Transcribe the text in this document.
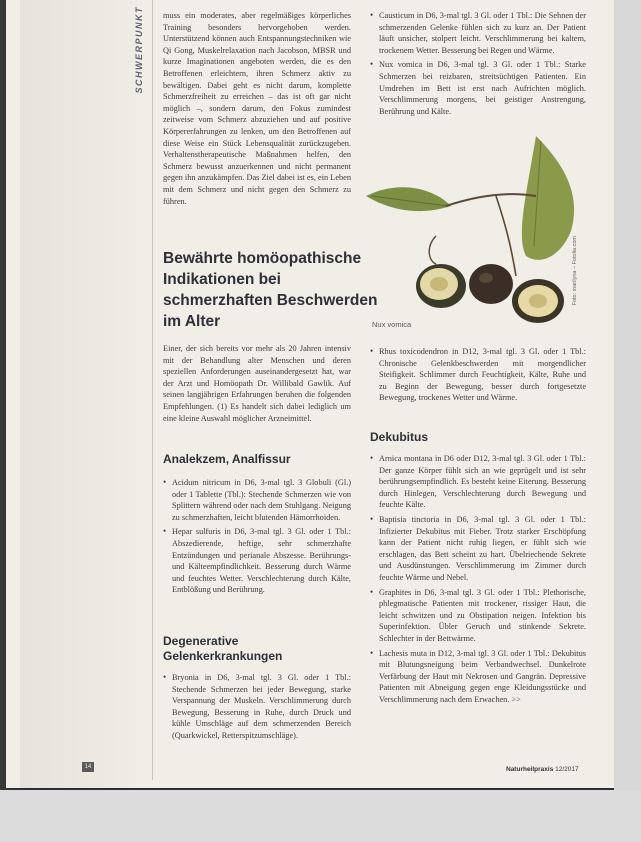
SCHWERPUNKT	muss ein moderates, aber regelmäßiges körperliches Training besonders hervorgehoben werden. Unterstützend können auch Entspannungstechniken wie Qi Gong, Muskelrelaxation nach Jacobson, MBSR und kurze Imaginationen angeboten werden, die es den Betroffenen erleichtern, ihren Schmerz aktiv zu bewältigen. Dabei geht es nicht darum, komplette Schmerzfreiheit zu erreichen – das ist oft gar nicht möglich –, sondern darum, den Fokus zumindest zeitweise vom Schmerz abzuziehen und auf positive Körpererfahrungen zu lenken, um den Betroffenen auf diese Weise ein Stück Lebensqualität zurückzugeben. Verhaltenstherapeutische Maßnahmen helfen, den Schmerz bewusst anzuerkennen und nicht permanent gegen ihn anzukämpfen. Das Ziel dabei ist es, ein Leben mit dem Schmerz und nicht gegen den Schmerz zu führen.

Bewährte homöopathische Indikationen bei schmerzhaften Beschwerden im Alter

Einer, der sich bereits vor mehr als 20 Jahren intensiv mit der Behandlung alter Menschen und deren speziellen Anforderungen auseinandergesetzt hat, war der Arzt und Homöopath Dr. Willibald Gawlik. Auf seinen langjährigen Erfahrungen beruhen die folgenden Empfehlungen. (1) Es handelt sich dabei lediglich um eine kleine Auswahl möglicher Arzneimittel.

Analekzem, Analfissur
• Acidum nitricum in D6, 3-mal tgl. 3 Globuli (Gl.) oder 1 Tablette (Tbl.): Stechende Schmerzen wie von Splittern während oder nach dem Stuhlgang. Neigung zu schmerzhaften, leicht blutenden Hämorrhoiden.
• Hepar sulfuris in D6, 3-mal tgl. 3 Gl. oder 1 Tbl.: Abszedierende, heftige, sehr schmerzhafte Entzündungen und perianale Abszesse. Berührungs- und Kälteempfindlichkeit. Besserung durch Wärme und feuchtes Wetter. Verschlechterung durch Kälte, Entblößung und Berührung.
Degenerative Gelenkerkrankungen
• Bryonia in D6, 3-mal tgl. 3 Gl. oder 1 Tbl.: Stechende Schmerzen bei jeder Bewegung, starke Verspannung der Muskeln. Verschlimmerung durch Bewegung, Besserung in Ruhe, durch Druck und kühle Umschläge auf dem schmerzenden Bereich (Quarkwickel, Retterspitzumschläge).
• Causticum in D6, 3-mal tgl. 3 Gl. oder 1 Tbl.: Die Sehnen der schmerzenden Gelenke fühlen sich zu kurz an. Der Patient läuft unsicher, stolpert leicht. Verschlimmerung bei kaltem, trockenem Wetter. Besserung bei Regen und Wärme.
• Nux vomica in D6, 3-mal tgl. 3 Gl. oder 1 Tbl.: Starke Schmerzen bei reizbaren, streitsüchtigen Patienten. Ein Umdrehen im Bett ist erst nach Aufrichten möglich. Verschlimmerung morgens, bei geistiger Anstrengung, Berührung und Kälte.
Nux vomica
Foto: marilyna – Fotolia.com
• Rhus toxicodendron in D12, 3-mal tgl. 3 Gl. oder 1 Tbl.: Chronische Gelenkbeschwerden mit morgendlicher Steifigkeit. Schlimmer durch Feuchtigkeit, Kälte, Ruhe und zu Beginn der Bewegung, besser durch fortgesetzte Bewegung, trockenes Wetter und Wärme.
Dekubitus
• Arnica montana in D6 oder D12, 3-mal tgl. 3 Gl. oder 1 Tbl.: Der ganze Körper fühlt sich an wie geprügelt und ist sehr berührungsempfindlich. Es besteht keine Eiterung. Besserung durch Hinlegen, Verschlechterung durch Bewegung und feuchte Kälte.
• Baptisia tinctoria in D6, 3-mal tgl. 3 Gl. oder 1 Tbl.: Infizierter Dekubitus mit Fieber. Trotz starker Erschöpfung kann der Patient nicht ruhig liegen, er fühlt sich wie erschlagen, das Bett scheint zu hart. Übelriechende Sekrete und Ausdünstungen. Verschlimmerung im Zimmer durch feuchte Wärme und Nebel.
• Graphites in D6, 3-mal tgl. 3 Gl. oder 1 Tbl.: Plethorische, phlegmatische Patienten mit trockener, rissiger Haut, die leicht schwitzen und zu Obstipation neigen. Infektion bis Superinfektion. Übler Geruch und stinkende Sekrete. Schlechter in der Bettwärme.
• Lachesis muta in D12, 3-mal tgl. 3 Gl. oder 1 Tbl.: Dekubitus mit Blutungsneigung beim Verbandwechsel. Dunkelrote Verfärbung der Haut mit Nekrosen und Gangrän. Depressive Patienten mit Abneigung gegen enge Kleidungsstücke und Verschlimmerung nach dem Erwachen. >>
14	Naturheilpraxis 12/2017
